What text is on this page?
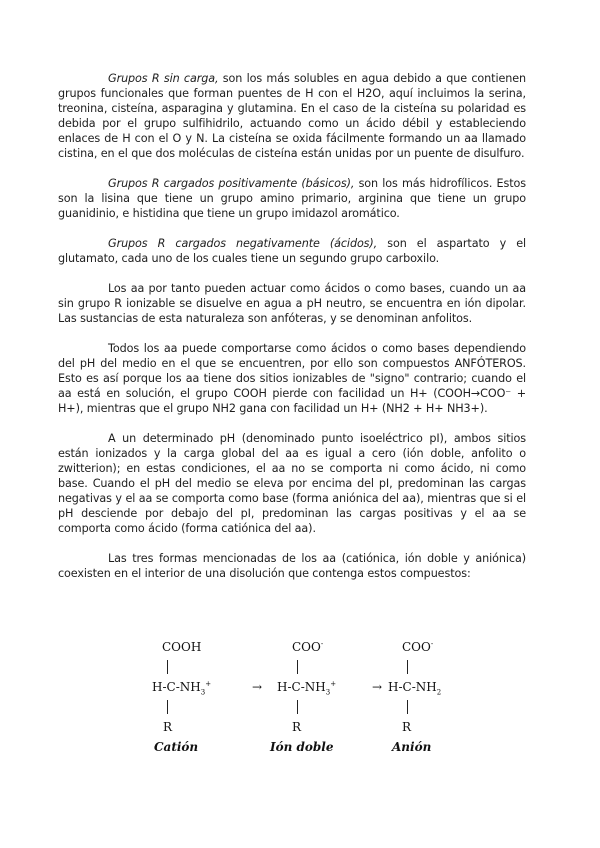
Grupos R sin carga, son los más solubles en agua debido a que contienen grupos funcionales que forman puentes de H con el H2O, aquí incluimos la serina, treonina, cisteína, asparagina y glutamina. En el caso de la cisteína su polaridad es debida por el grupo sulfihidrilo, actuando como un ácido débil y estableciendo enlaces de H con el O y N. La cisteína se oxida fácilmente formando un aa llamado cistina, en el que dos moléculas de cisteína están unidas por un puente de disulfuro.

Grupos R cargados positivamente (básicos), son los más hidrofílicos. Estos son la lisina que tiene un grupo amino primario, arginina que tiene un grupo guanidinio, e histidina que tiene un grupo imidazol aromático.

Grupos R cargados negativamente (ácidos), son el aspartato y el glutamato, cada uno de los cuales tiene un segundo grupo carboxilo.

Los aa por tanto pueden actuar como ácidos o como bases, cuando un aa sin grupo R ionizable se disuelve en agua a pH neutro, se encuentra en ión dipolar. Las sustancias de esta naturaleza son anfóteras, y se denominan anfolitos.

Todos los aa puede comportarse como ácidos o como bases dependiendo del pH del medio en el que se encuentren, por ello son compuestos ANFÓTEROS. Esto es así porque los aa tiene dos sitios ionizables de "signo" contrario; cuando el aa está en solución, el grupo COOH pierde con facilidad un H+ (COOH→COO⁻ + H+), mientras que el grupo NH2 gana con facilidad un H+ (NH2 + H+ NH3+).

A un determinado pH (denominado punto isoeléctrico pI), ambos sitios están ionizados y la carga global del aa es igual a cero (ión doble, anfolito o zwitterion); en estas condiciones, el aa no se comporta ni como ácido, ni como base. Cuando el pH del medio se eleva por encima del pI, predominan las cargas negativas y el aa se comporta como base (forma aniónica del aa), mientras que si el pH desciende por debajo del pI, predominan las cargas positivas y el aa se comporta como ácido (forma catiónica del aa).

Las tres formas mencionadas de los aa (catiónica, ión doble y aniónica) coexisten en el interior de una disolución que contenga estos compuestos:

COOH
$H-C-NH_3^+$
R
Catión
→
COO-
$H-C-NH_3^+$
R
Ión doble
→
COO-
$H-C-NH_2$
R
Anión
